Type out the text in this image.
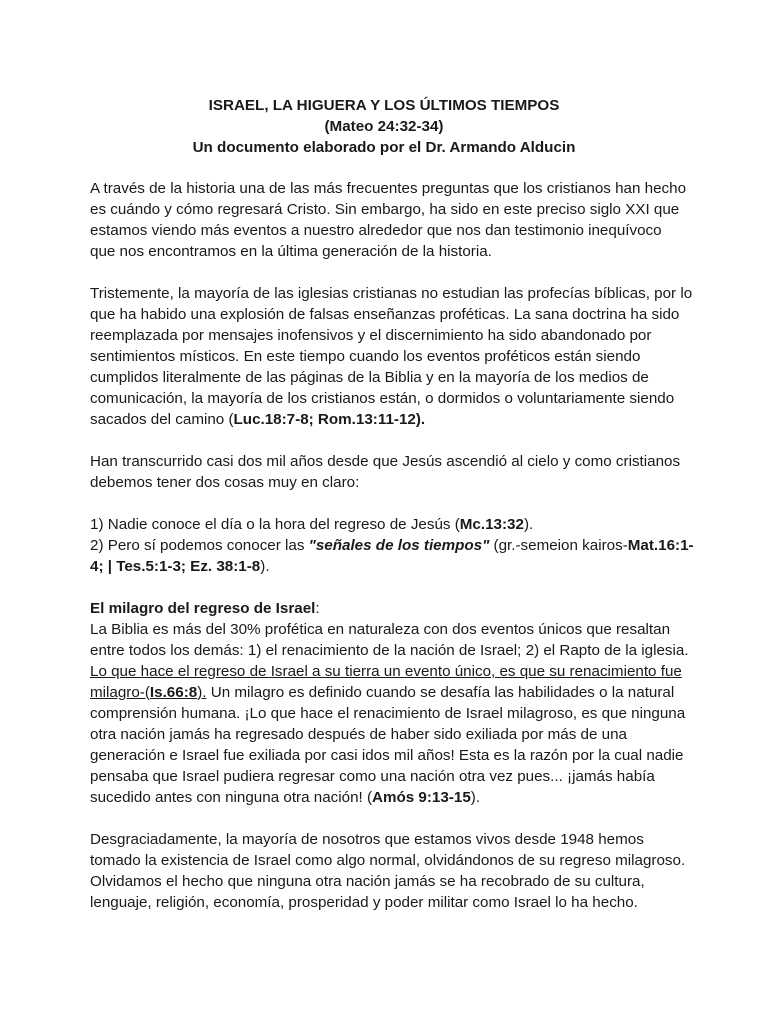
ISRAEL, LA HIGUERA Y LOS ÚLTIMOS TIEMPOS
(Mateo 24:32-34)
Un documento elaborado por el Dr. Armando Alducin

A través de la historia una de las más frecuentes preguntas que los cristianos han hecho
es cuándo y cómo regresará Cristo. Sin embargo, ha sido en este preciso siglo XXI que
estamos viendo más eventos a nuestro alrededor que nos dan testimonio inequívoco
que nos encontramos en la última generación de la historia.

Tristemente, la mayoría de las iglesias cristianas no estudian las profecías bíblicas, por lo
que ha habido una explosión de falsas enseñanzas proféticas. La sana doctrina ha sido
reemplazada por mensajes inofensivos y el discernimiento ha sido abandonado por
sentimientos místicos. En este tiempo cuando los eventos proféticos están siendo
cumplidos literalmente de las páginas de la Biblia y en la mayoría de los medios de
comunicación, la mayoría de los cristianos están, o dormidos o voluntariamente siendo
sacados del camino (Luc.18:7-8; Rom.13:11-12).

Han transcurrido casi dos mil años desde que Jesús ascendió al cielo y como cristianos
debemos tener dos cosas muy en claro:

1) Nadie conoce el día o la hora del regreso de Jesús (Mc.13:32).
2) Pero sí podemos conocer las "señales de los tiempos" (gr.-semeion kairos-Mat.16:1-
4; | Tes.5:1-3; Ez. 38:1-8).

El milagro del regreso de Israel:
La Biblia es más del 30% profética en naturaleza con dos eventos únicos que resaltan
entre todos los demás: 1) el renacimiento de la nación de Israel; 2) el Rapto de la iglesia.
Lo que hace el regreso de Israel a su tierra un evento único, es que su renacimiento fue
milagro-(Is.66:8). Un milagro es definido cuando se desafía las habilidades o la natural
comprensión humana. ¡Lo que hace el renacimiento de Israel milagroso, es que ninguna
otra nación jamás ha regresado después de haber sido exiliada por más de una
generación e Israel fue exiliada por casi idos mil años! Esta es la razón por la cual nadie
pensaba que Israel pudiera regresar como una nación otra vez pues... ¡jamás había
sucedido antes con ninguna otra nación! (Amós 9:13-15).

Desgraciadamente, la mayoría de nosotros que estamos vivos desde 1948 hemos
tomado la existencia de Israel como algo normal, olvidándonos de su regreso milagroso.
Olvidamos el hecho que ninguna otra nación jamás se ha recobrado de su cultura,
lenguaje, religión, economía, prosperidad y poder militar como Israel lo ha hecho.
